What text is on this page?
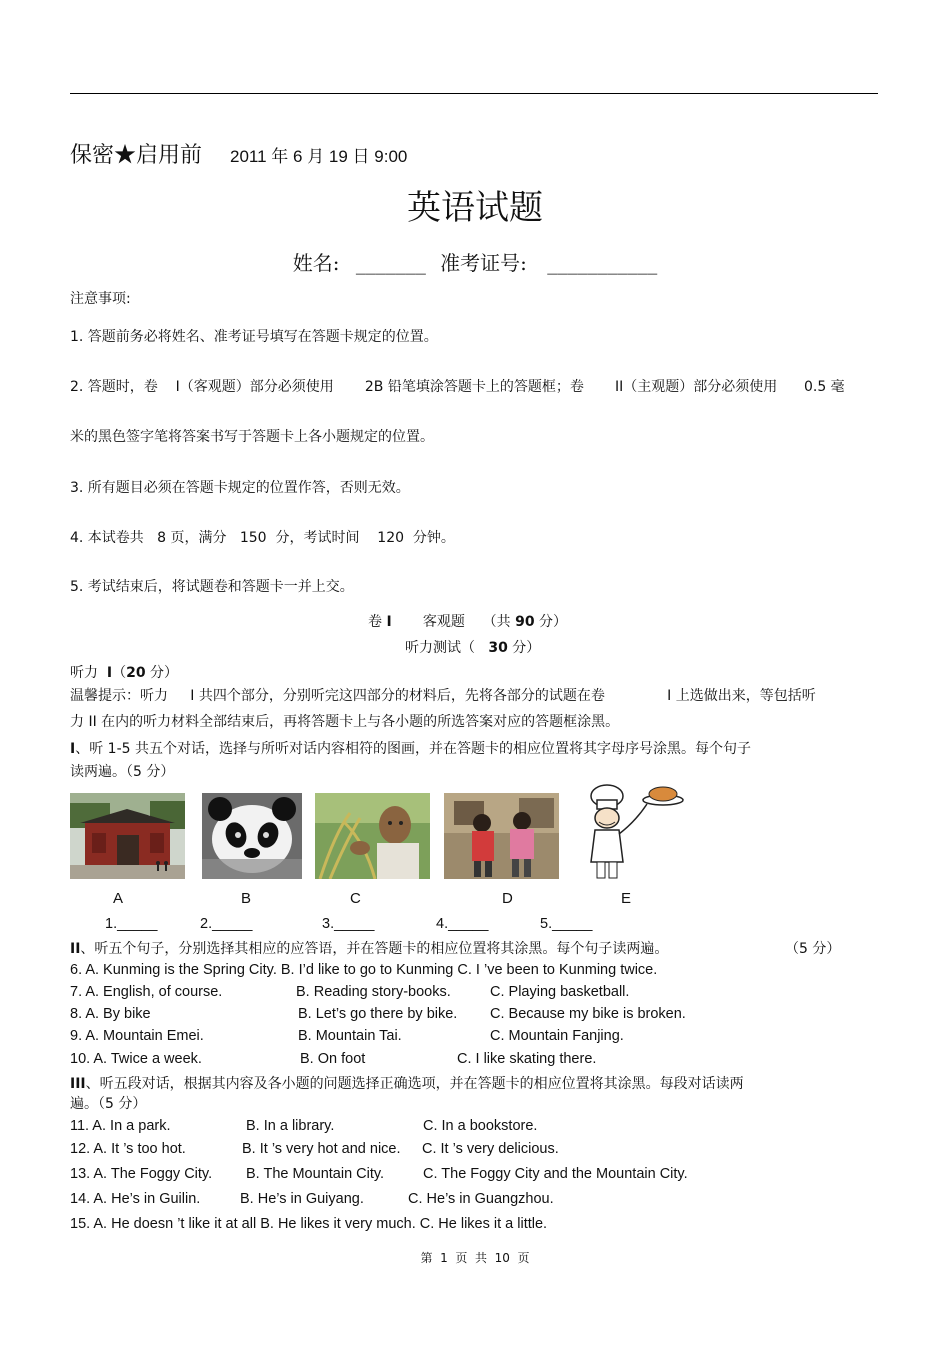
保密★启用前 2011 年 6 月 19 日 9:00
英语试题
姓名: _______ 准考证号: ___________
注意事项:
1. 答题前务必将姓名、准考证号填写在答题卡规定的位置。
2. 答题时，卷    I（客观题）部分必须使用       2B 铅笔填涂答题卡上的答题框；卷       II（主观题）部分必须使用      0.5 毫
米的黑色签字笔将答案书写于答题卡上各小题规定的位置。
3. 所有题目必须在答题卡规定的位置作答，否则无效。
4. 本试卷共   8 页，满分   150  分，考试时间    120  分钟。
5. 考试结束后，将试题卷和答题卡一并上交。
卷 I       客观题    （共 90 分）
听力测试（   30 分）
听力  I（20 分）
温馨提示：听力     I 共四个部分，分别听完这四部分的材料后，先将各部分的试题在卷              I 上选做出来，等包括听
力 II 在内的听力材料全部结束后，再将答题卡上与各小题的所选答案对应的答题框涂黑。
I、听 1-5 共五个对话，选择与所听对话内容相符的图画，并在答题卡的相应位置将其字母序号涂黑。每个句子
读两遍。（5 分）
A	B	C	D	E
1._____	2._____	3._____	4._____	5._____
II、听五个句子，分别选择其相应的应答语，并在答题卡的相应位置将其涂黑。每个句子读两遍。	（5 分）
6. A. Kunming is the Spring City. B. I’d like to go to Kunming C. I ’ve been to Kunming twice.
7. A. English, of course.	B. Reading story-books.	C. Playing basketball.
8. A. By bike	B. Let’s go there by bike. C. Because my bike is broken.
9. A. Mountain Emei.	B. Mountain Tai.	C. Mountain Fanjing.
10. A. Twice a week.	B. On foot	C. I like skating there.
III、听五段对话，根据其内容及各小题的问题选择正确选项，并在答题卡的相应位置将其涂黑。每段对话读两
遍。（5 分）
11. A. In a park.	B. In a library.	C. In a bookstore.
12. A. It ’s too hot.	B. It ’s very hot and nice. C. It ’s very delicious.
13. A. The Foggy City. B. The Mountain City.	C. The Foggy City and the Mountain City.
14. A. He’s in Guilin.	B. He’s in Guiyang.	C. He’s in Guangzhou.
15. A. He doesn ’t like it at all B. He likes it very much. C. He likes it a little.
第  1  页  共  10  页
